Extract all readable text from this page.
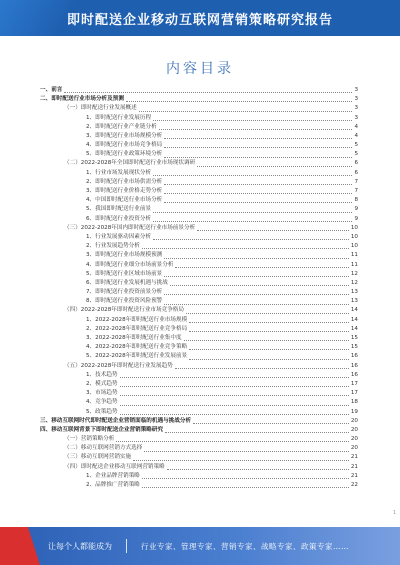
即时配送企业移动互联网营销策略研究报告
内容目录
一、前言	3
二、即时配送行业市场分析及预测	3
（一）即时配送行业发展概述	3
1、即时配送行业发展历程	3
2、即时配送行业产业链分析	4
3、即时配送行业市场规模分析	4
4、即时配送行业市场竞争格局	5
5、即时配送行业政策环境分析	5
（二）2022-2028年全国即时配送行业市场现状调研	6
1、行业市场发展现状分析	6
2、即时配送行业市场供需分析	7
3、即时配送行业价格走势分析	7
4、中国即时配送行业市场分析	8
5、我国即时配送行业前景	9
6、即时配送行业投资分析	9
（三）2022-2028年国内即时配送行业市场前景分析	10
1、行业发展驱动因素分析	10
2、行业发展趋势分析	10
3、即时配送行业市场规模预测	11
4、即时配送行业细分市场前景分析	11
5、即时配送行业区域市场前景	12
6、即时配送行业发展机遇与挑战	12
7、即时配送行业投资前景分析	13
8、即时配送行业投资风险预警	13
（四）2022-2028年即时配送行业市场竞争格局	14
1、2022-2028年即时配送行业市场规模	14
2、2022-2028年即时配送行业竞争格局	14
3、2022-2028年即时配送行业集中度	15
4、2022-2028年即时配送行业竞争策略	15
5、2022-2028年即时配送行业发展前景	16
（五）2022-2028年即时配送行业发展趋势	16
1、技术趋势	16
2、模式趋势	17
3、市场趋势	17
4、竞争趋势	18
5、政策趋势	19
三、移动互联网时代即时配送企业营销面临的机遇与挑战分析	20
四、移动互联网背景下即时配送企业营销策略研究	20
（一）营销策略分析	20
（二）移动互联网营销方式选择	20
（三）移动互联网营销实施	21
（四）即时配送企业移动互联网营销策略	21
1、企业品牌营销策略	21
2、品牌推广营销策略	22
1
让每个人都能成为	行业专家、管理专家、营销专家、战略专家、政策专家……
